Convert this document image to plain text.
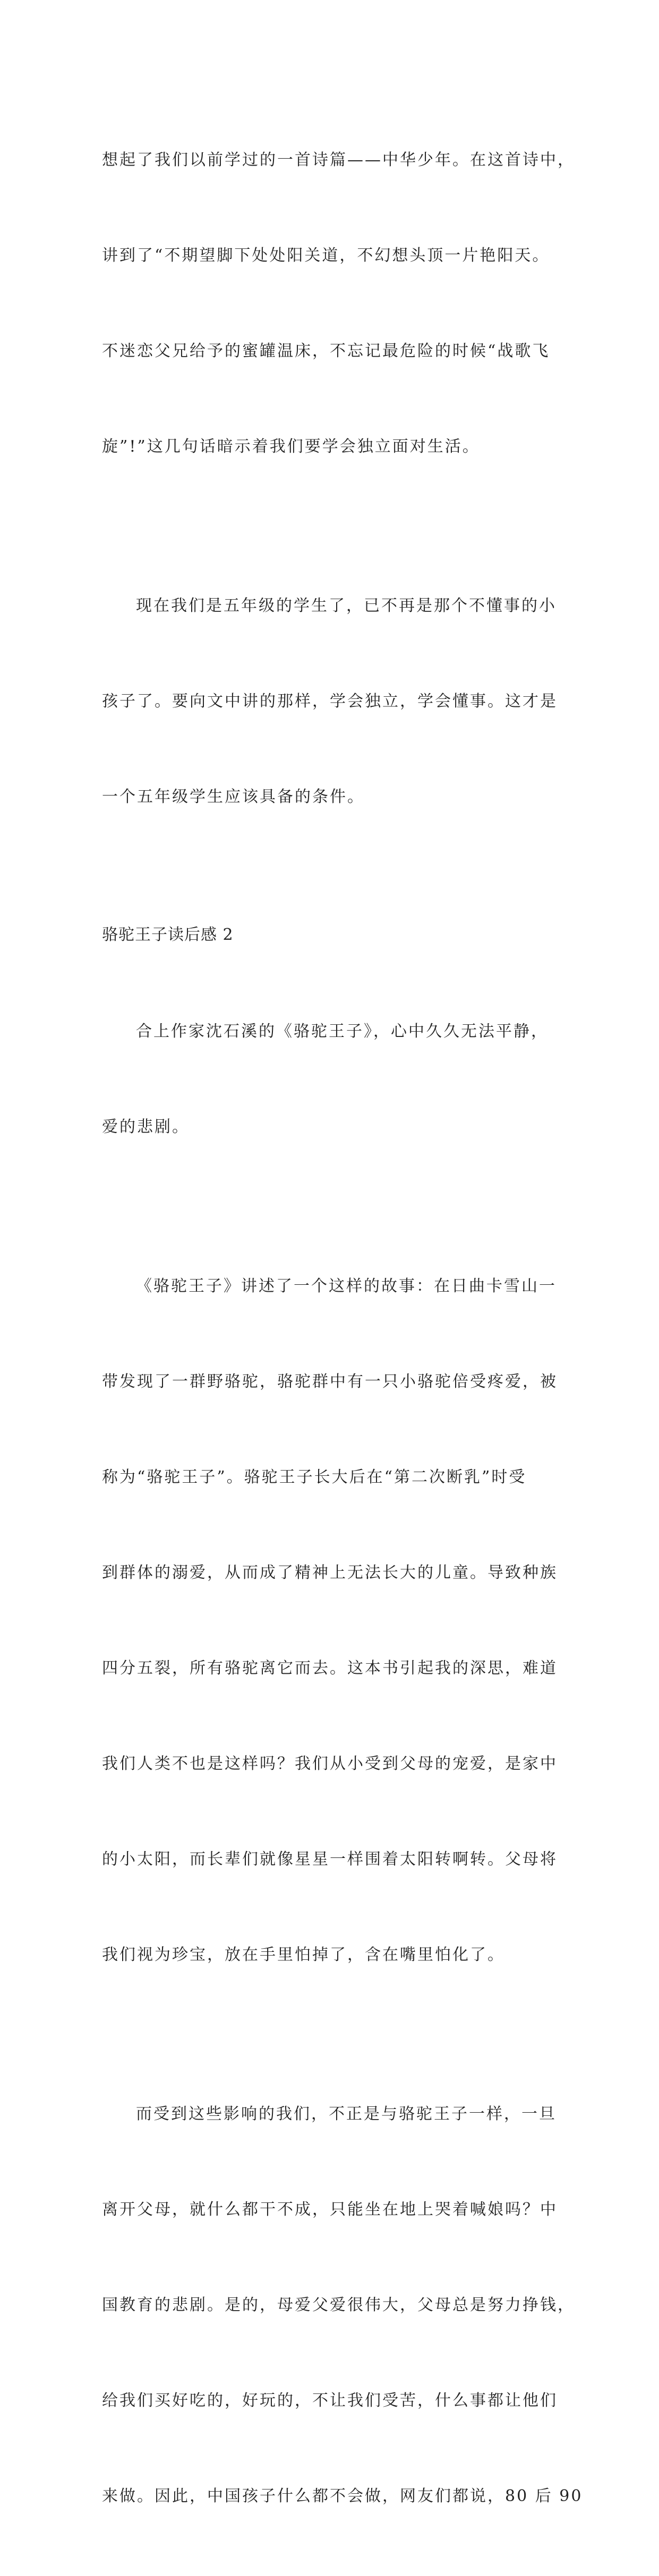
想起了我们以前学过的一首诗篇——中华少年。在这首诗中，

讲到了“不期望脚下处处阳关道，不幻想头顶一片艳阳天。

不迷恋父兄给予的蜜罐温床，不忘记最危险的时候“战歌飞

旋”!”这几句话暗示着我们要学会独立面对生活。

现在我们是五年级的学生了，已不再是那个不懂事的小

孩子了。要向文中讲的那样，学会独立，学会懂事。这才是

一个五年级学生应该具备的条件。

骆驼王子读后感 2

合上作家沈石溪的《骆驼王子》，心中久久无法平静，

爱的悲剧。

《骆驼王子》讲述了一个这样的故事：在日曲卡雪山一

带发现了一群野骆驼，骆驼群中有一只小骆驼倍受疼爱，被

称为“骆驼王子”。骆驼王子长大后在“第二次断乳”时受

到群体的溺爱，从而成了精神上无法长大的儿童。导致种族

四分五裂，所有骆驼离它而去。这本书引起我的深思，难道

我们人类不也是这样吗？我们从小受到父母的宠爱，是家中

的小太阳，而长辈们就像星星一样围着太阳转啊转。父母将

我们视为珍宝，放在手里怕掉了，含在嘴里怕化了。

而受到这些影响的我们，不正是与骆驼王子一样，一旦

离开父母，就什么都干不成，只能坐在地上哭着喊娘吗？中

国教育的悲剧。是的，母爱父爱很伟大，父母总是努力挣钱，

给我们买好吃的，好玩的，不让我们受苦，什么事都让他们

来做。因此，中国孩子什么都不会做，网友们都说，80 后 90
